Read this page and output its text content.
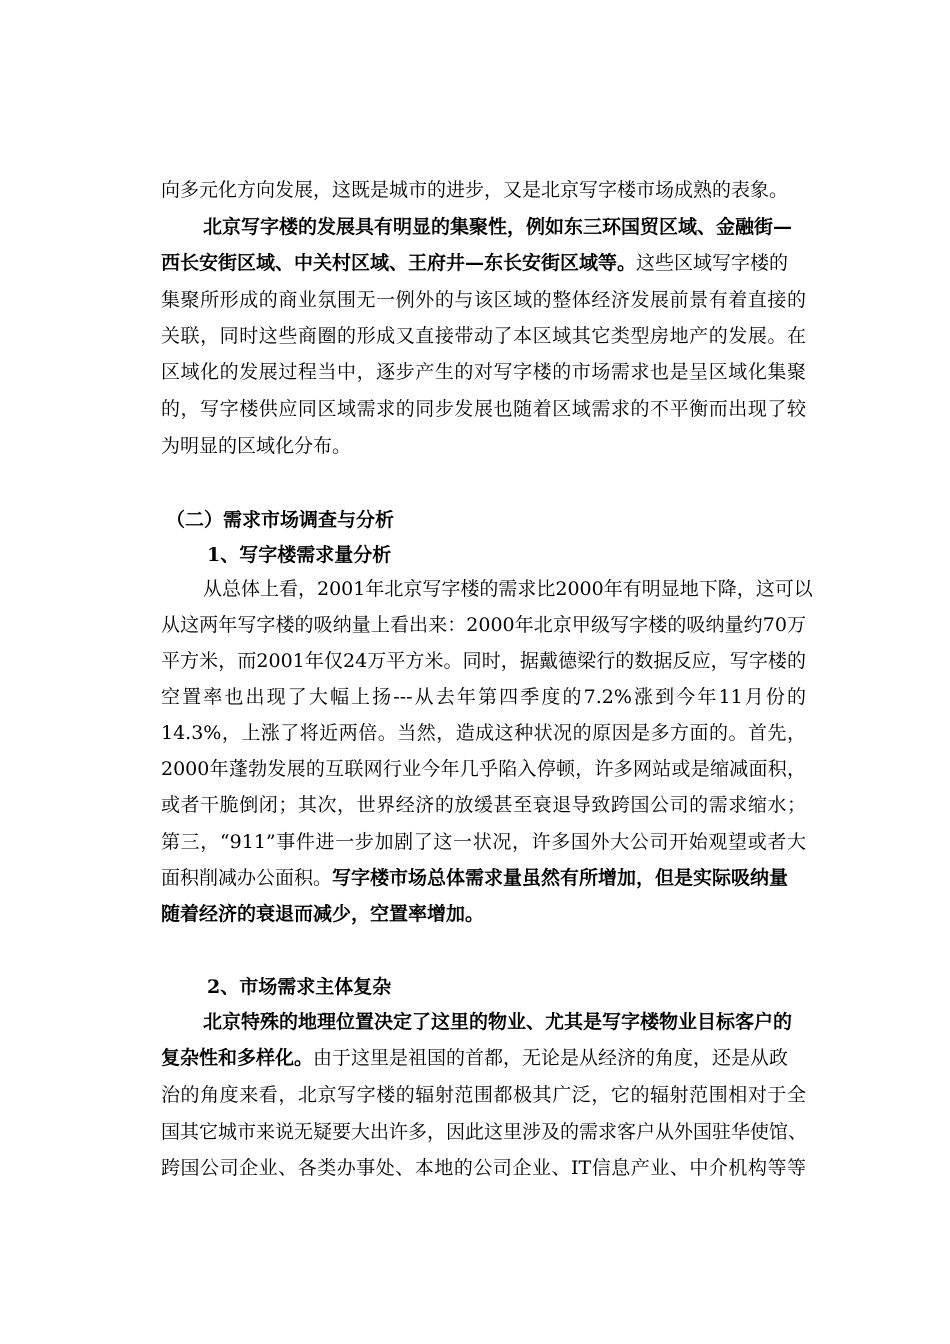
向多元化方向发展，这既是城市的进步，又是北京写字楼市场成熟的表象。
北京写字楼的发展具有明显的集聚性，例如东三环国贸区域、金融街—
西长安街区域、中关村区域、王府井—东长安街区域等。这些区域写字楼的
集聚所形成的商业氛围无一例外的与该区域的整体经济发展前景有着直接的
关联，同时这些商圈的形成又直接带动了本区域其它类型房地产的发展。在
区域化的发展过程当中，逐步产生的对写字楼的市场需求也是呈区域化集聚
的，写字楼供应同区域需求的同步发展也随着区域需求的不平衡而出现了较
为明显的区域化分布。
（二）需求市场调查与分析
1、写字楼需求量分析
从总体上看，2001年北京写字楼的需求比2000年有明显地下降，这可以
从这两年写字楼的吸纳量上看出来：2000年北京甲级写字楼的吸纳量约70万
平方米，而2001年仅24万平方米。同时，据戴德梁行的数据反应，写字楼的
空置率也出现了大幅上扬---从去年第四季度的7.2%涨到今年11月份的
14.3%，上涨了将近两倍。当然，造成这种状况的原因是多方面的。首先，
2000年蓬勃发展的互联网行业今年几乎陷入停顿，许多网站或是缩减面积，
或者干脆倒闭；其次，世界经济的放缓甚至衰退导致跨国公司的需求缩水；
第三，“911”事件进一步加剧了这一状况，许多国外大公司开始观望或者大
面积削减办公面积。写字楼市场总体需求量虽然有所增加，但是实际吸纳量
随着经济的衰退而减少，空置率增加。
2、市场需求主体复杂
北京特殊的地理位置决定了这里的物业、尤其是写字楼物业目标客户的
复杂性和多样化。由于这里是祖国的首都，无论是从经济的角度，还是从政
治的角度来看，北京写字楼的辐射范围都极其广泛，它的辐射范围相对于全
国其它城市来说无疑要大出许多，因此这里涉及的需求客户从外国驻华使馆、
跨国公司企业、各类办事处、本地的公司企业、IT信息产业、中介机构等等
